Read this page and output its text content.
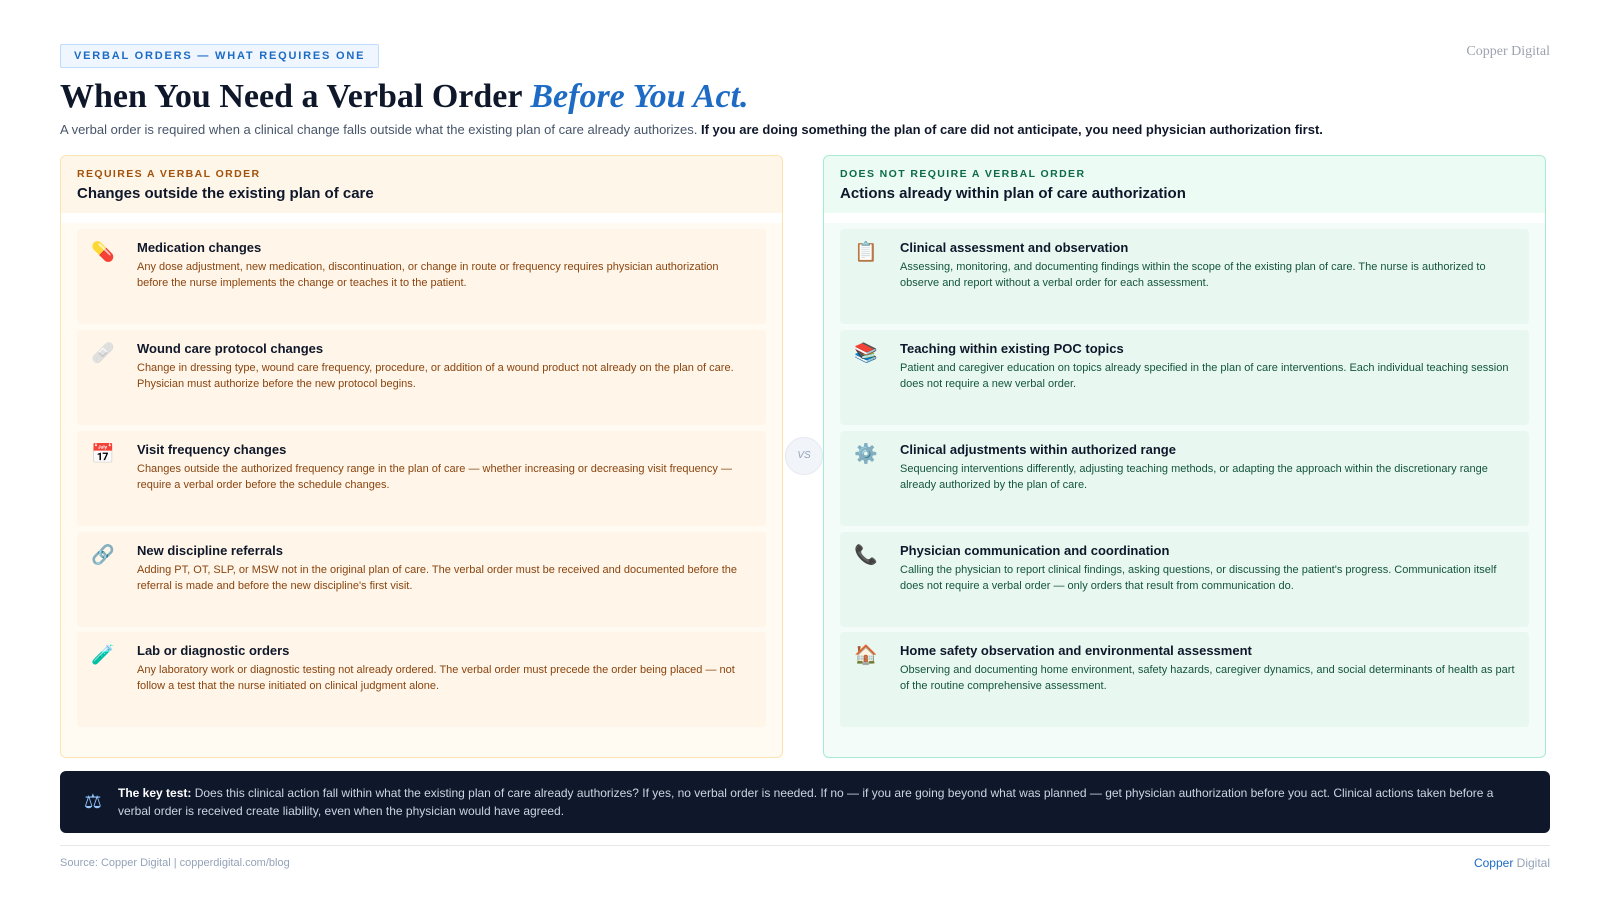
VERBAL ORDERS — WHAT REQUIRES ONE	Copper Digital
When You Need a Verbal Order Before You Act.

A verbal order is required when a clinical change falls outside what the existing plan of care already authorizes. If you are doing something the plan of care did not anticipate, you need physician authorization first.

REQUIRES A VERBAL ORDER
Changes outside the existing plan of care
💊 Medication changes
Any dose adjustment, new medication, discontinuation, or change in route or frequency requires physician authorization before the nurse implements the change or teaches it to the patient.
🩹 Wound care protocol changes
Change in dressing type, wound care frequency, procedure, or addition of a wound product not already on the plan of care. Physician must authorize before the new protocol begins.
📅 Visit frequency changes
Changes outside the authorized frequency range in the plan of care — whether increasing or decreasing visit frequency — require a verbal order before the schedule changes.
🔗 New discipline referrals
Adding PT, OT, SLP, or MSW not in the original plan of care. The verbal order must be received and documented before the referral is made and before the new discipline's first visit.
🧪 Lab or diagnostic orders
Any laboratory work or diagnostic testing not already ordered. The verbal order must precede the order being placed — not follow a test that the nurse initiated on clinical judgment alone.
VS
DOES NOT REQUIRE A VERBAL ORDER
Actions already within plan of care authorization
📋 Clinical assessment and observation
Assessing, monitoring, and documenting findings within the scope of the existing plan of care. The nurse is authorized to observe and report without a verbal order for each assessment.
📚 Teaching within existing POC topics
Patient and caregiver education on topics already specified in the plan of care interventions. Each individual teaching session does not require a new verbal order.
⚙️ Clinical adjustments within authorized range
Sequencing interventions differently, adjusting teaching methods, or adapting the approach within the discretionary range already authorized by the plan of care.
📞 Physician communication and coordination
Calling the physician to report clinical findings, asking questions, or discussing the patient's progress. Communication itself does not require a verbal order — only orders that result from communication do.
🏠 Home safety observation and environmental assessment
Observing and documenting home environment, safety hazards, caregiver dynamics, and social determinants of health as part of the routine comprehensive assessment.
⚖	The key test: Does this clinical action fall within what the existing plan of care already authorizes? If yes, no verbal order is needed. If no — if you are going beyond what was planned — get physician authorization before you act. Clinical actions taken before a verbal order is received create liability, even when the physician would have agreed.

Source: Copper Digital | copperdigital.com/blog	Copper Digital
